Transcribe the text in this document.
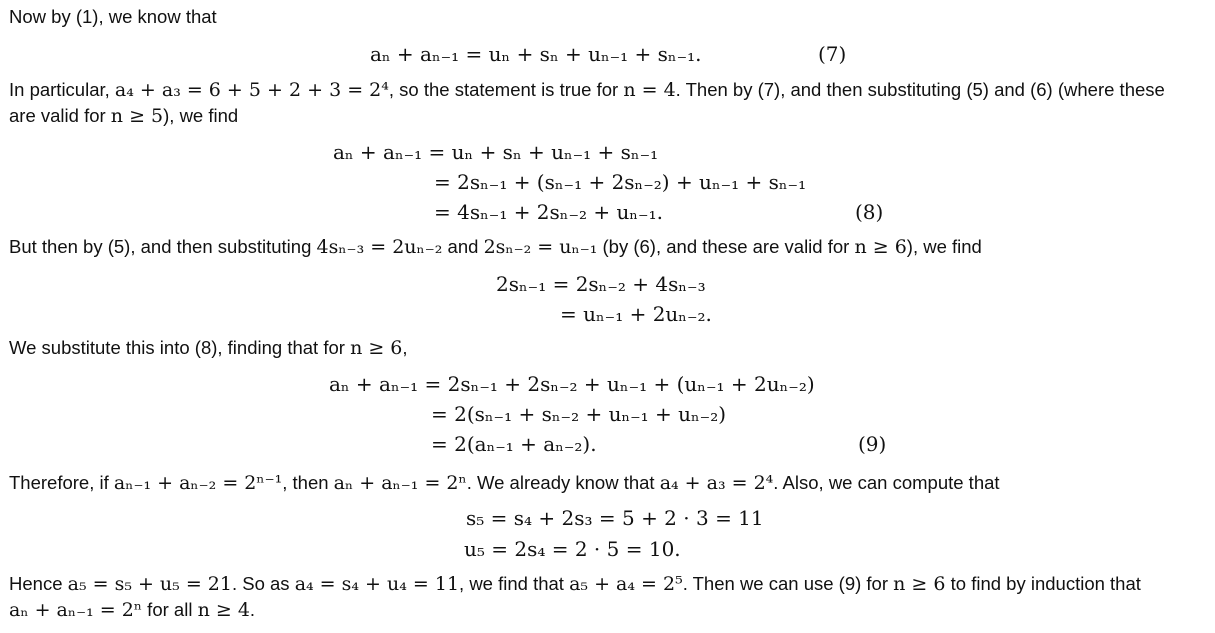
Now by (1), we know that
aₙ + aₙ₋₁ = uₙ + sₙ + uₙ₋₁ + sₙ₋₁.	(7)
In particular, a₄ + a₃ = 6 + 5 + 2 + 3 = 2⁴, so the statement is true for n = 4. Then by (7), and then substituting (5) and (6) (where these
are valid for n ≥ 5), we find
aₙ + aₙ₋₁ = uₙ + sₙ + uₙ₋₁ + sₙ₋₁
= 2sₙ₋₁ + (sₙ₋₁ + 2sₙ₋₂) + uₙ₋₁ + sₙ₋₁
= 4sₙ₋₁ + 2sₙ₋₂ + uₙ₋₁.	(8)
But then by (5), and then substituting 4sₙ₋₃ = 2uₙ₋₂ and 2sₙ₋₂ = uₙ₋₁ (by (6), and these are valid for n ≥ 6), we find
2sₙ₋₁ = 2sₙ₋₂ + 4sₙ₋₃
= uₙ₋₁ + 2uₙ₋₂.
We substitute this into (8), finding that for n ≥ 6,
aₙ + aₙ₋₁ = 2sₙ₋₁ + 2sₙ₋₂ + uₙ₋₁ + (uₙ₋₁ + 2uₙ₋₂)
= 2(sₙ₋₁ + sₙ₋₂ + uₙ₋₁ + uₙ₋₂)
= 2(aₙ₋₁ + aₙ₋₂).	(9)
Therefore, if aₙ₋₁ + aₙ₋₂ = 2ⁿ⁻¹, then aₙ + aₙ₋₁ = 2ⁿ. We already know that a₄ + a₃ = 2⁴. Also, we can compute that
s₅ = s₄ + 2s₃ = 5 + 2 · 3 = 11
u₅ = 2s₄ = 2 · 5 = 10.
Hence a₅ = s₅ + u₅ = 21. So as a₄ = s₄ + u₄ = 11, we find that a₅ + a₄ = 2⁵. Then we can use (9) for n ≥ 6 to find by induction that
aₙ + aₙ₋₁ = 2ⁿ for all n ≥ 4.
